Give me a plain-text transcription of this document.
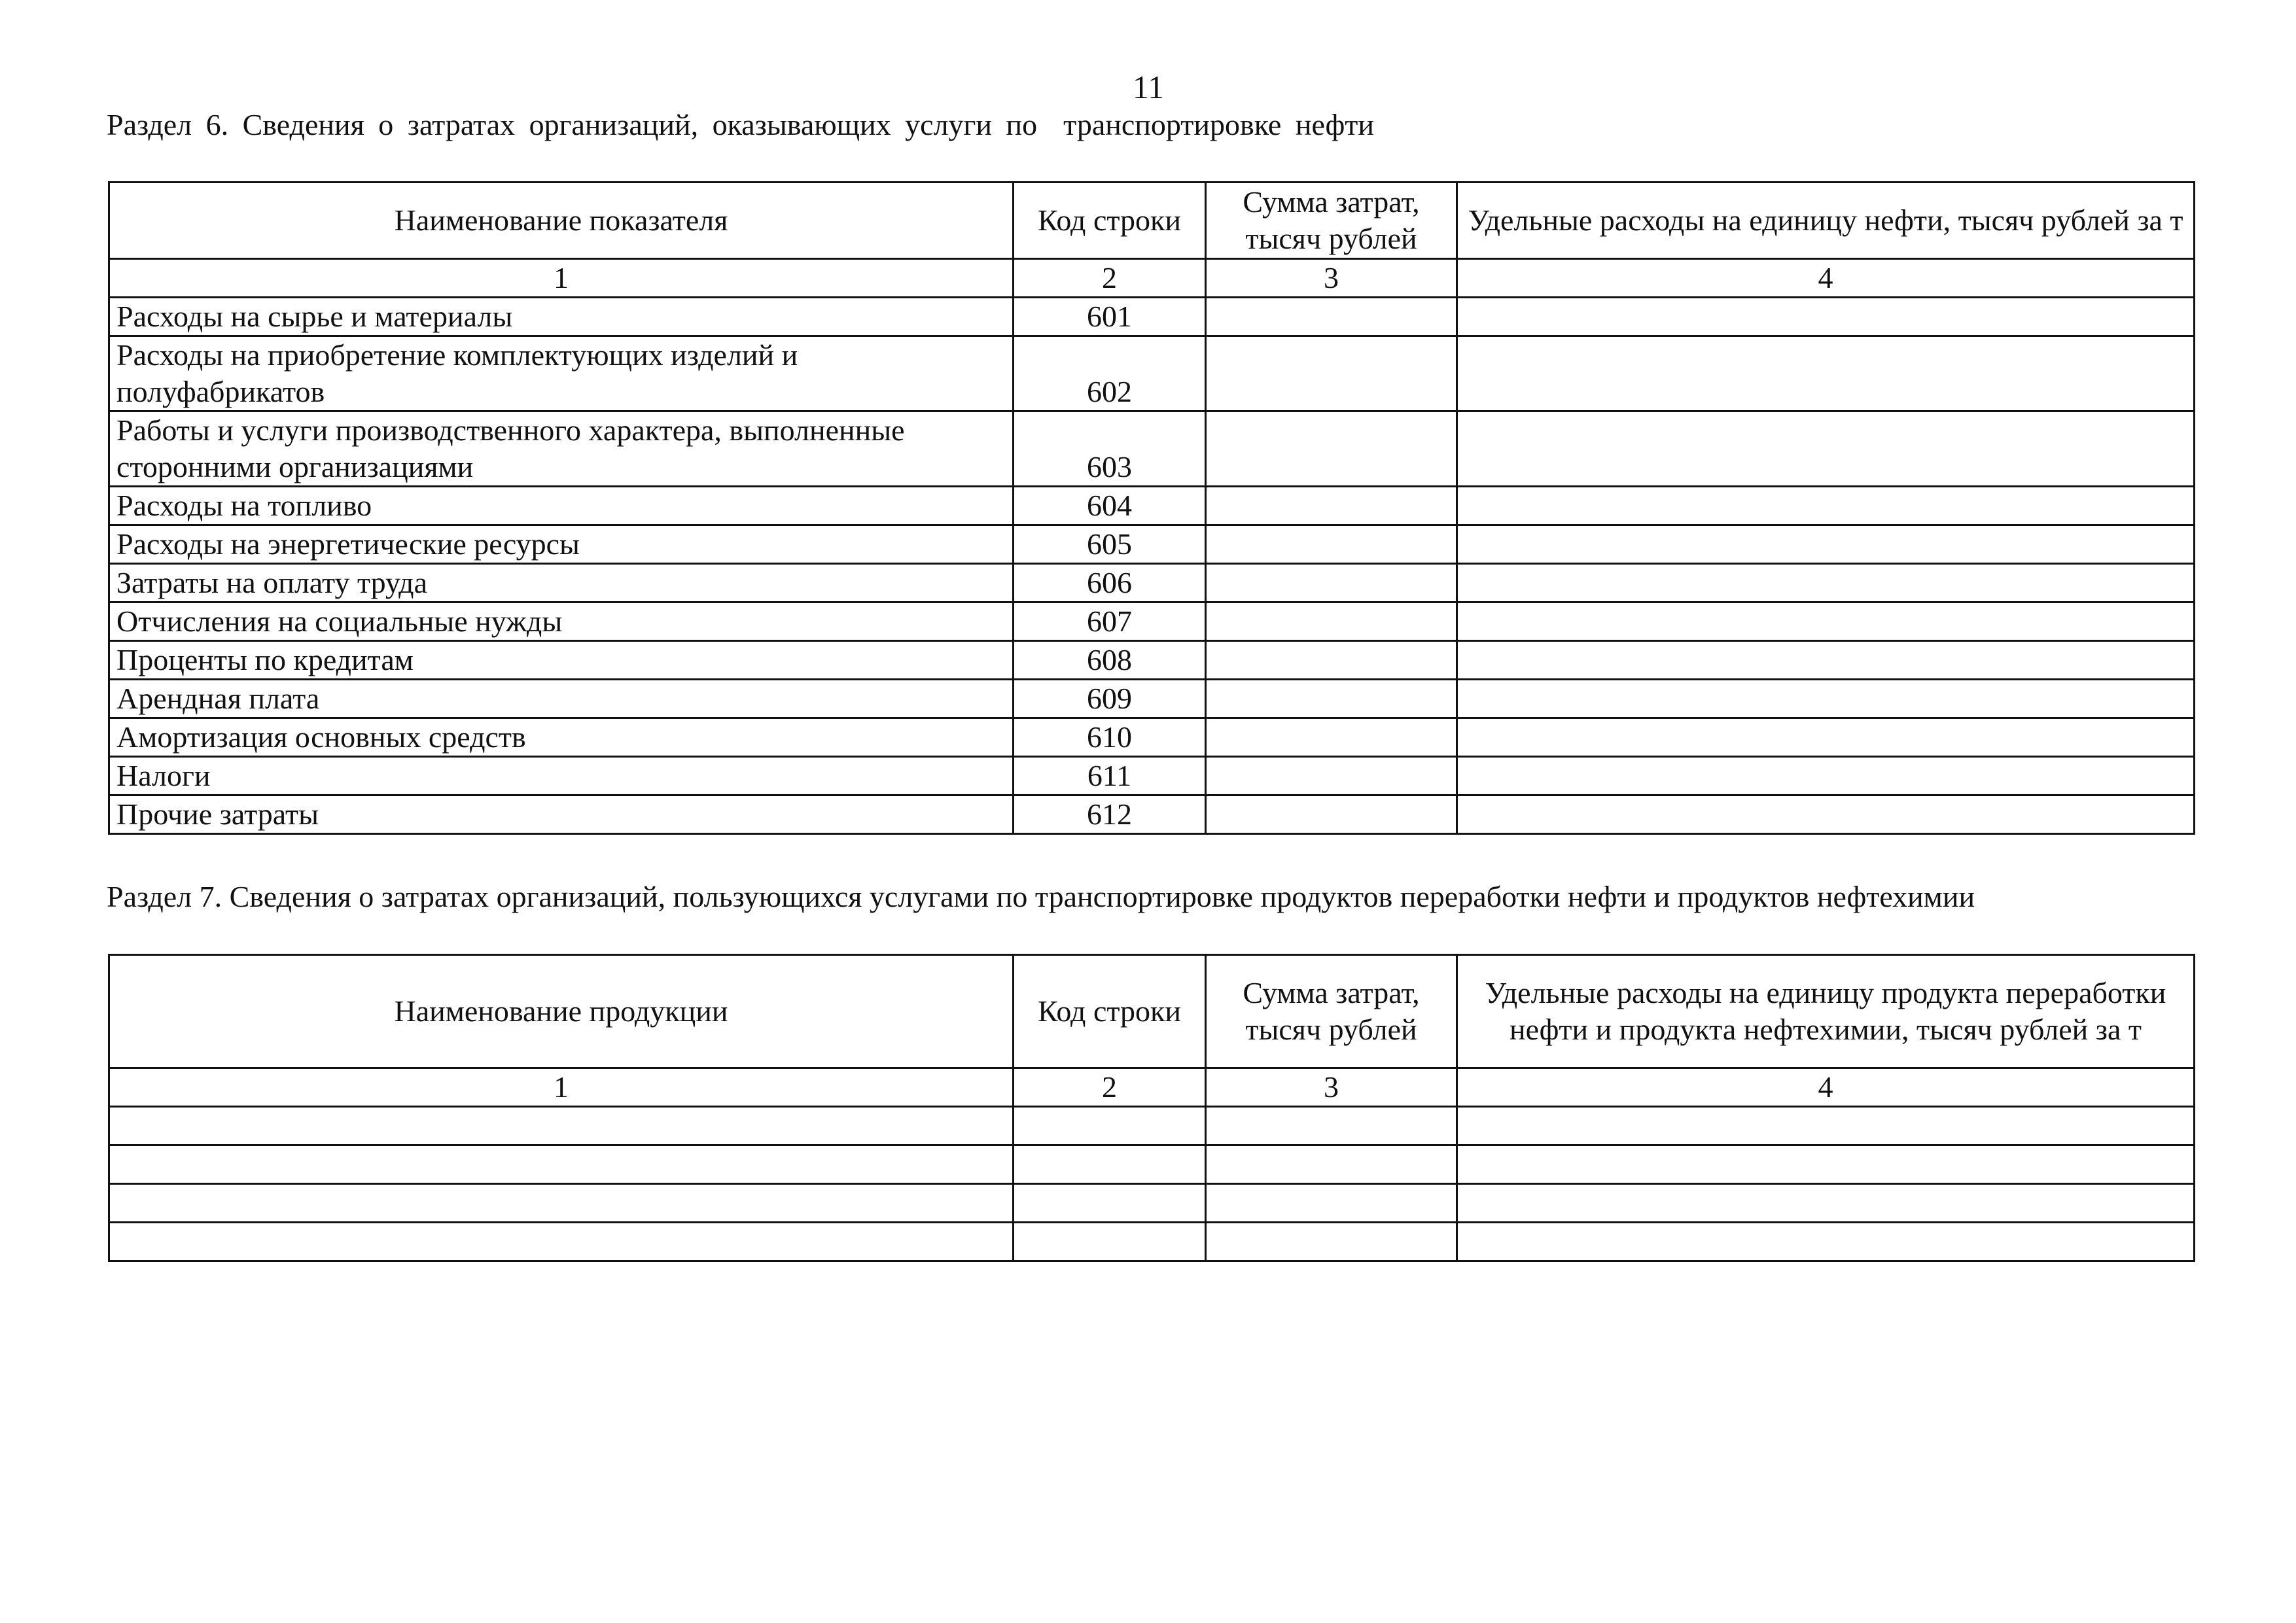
11
Раздел 6. Сведения о затратах организаций, оказывающих услуги по транспортировке нефти
Наименование показателя	Код строки	Сумма затрат, тысяч рублей	Удельные расходы на единицу нефти, тысяч рублей за т
1	2	3	4
Расходы на сырье и материалы	601		
Расходы на приобретение комплектующих изделий и полуфабрикатов	602		
Работы и услуги производственного характера, выполненные сторонними организациями	603		
Расходы на топливо	604		
Расходы на энергетические ресурсы	605		
Затраты на оплату труда	606		
Отчисления на социальные нужды	607		
Проценты по кредитам	608		
Арендная плата	609		
Амортизация основных средств	610		
Налоги	611		
Прочие затраты	612		
Раздел 7. Сведения о затратах организаций, пользующихся услугами по транспортировке продуктов переработки нефти и продуктов нефтехимии
Наименование продукции	Код строки	Сумма затрат, тысяч рублей	Удельные расходы на единицу продукта переработки нефти и продукта нефтехимии, тысяч рублей за т
1	2	3	4
